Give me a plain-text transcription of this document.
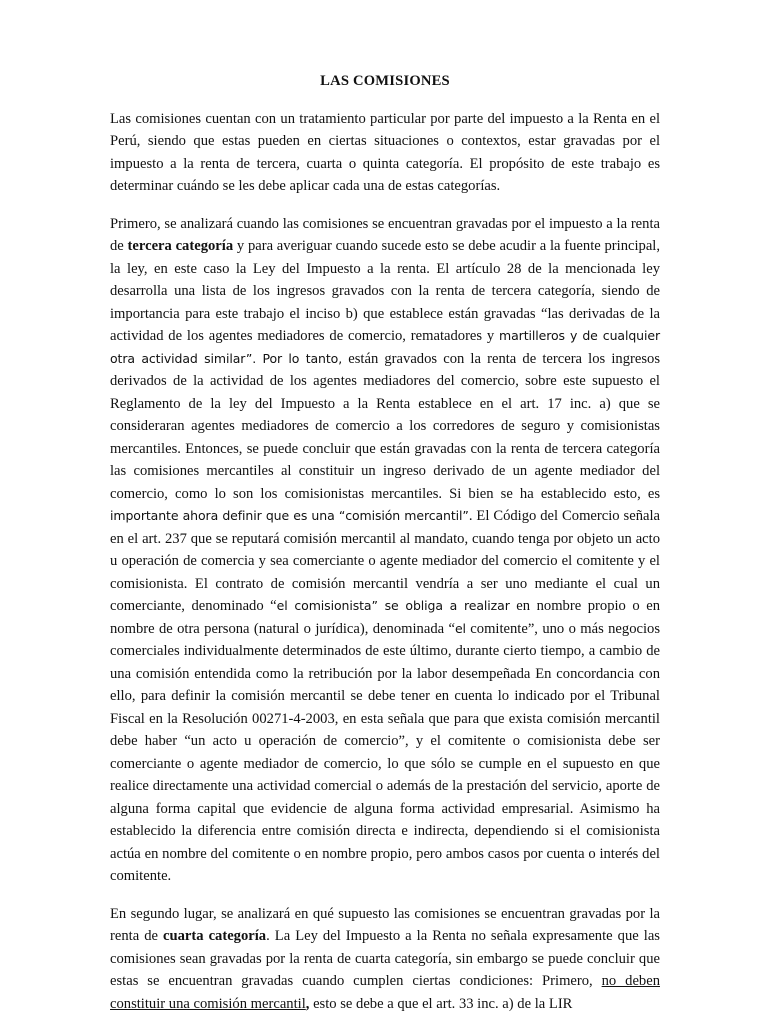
LAS COMISIONES

Las comisiones cuentan con un tratamiento particular por parte del impuesto a la Renta en el Perú, siendo que estas pueden en ciertas situaciones o contextos, estar gravadas por el impuesto a la renta de tercera, cuarta o quinta categoría. El propósito de este trabajo es determinar cuándo se les debe aplicar cada una de estas categorías.

Primero, se analizará cuando las comisiones se encuentran gravadas por el impuesto a la renta de tercera categoría y para averiguar cuando sucede esto se debe acudir a la fuente principal, la ley, en este caso la Ley del Impuesto a la renta. El artículo 28 de la mencionada ley desarrolla una lista de los ingresos gravados con la renta de tercera categoría, siendo de importancia para este trabajo el inciso b) que establece están gravadas “las derivadas de la actividad de los agentes mediadores de comercio, rematadores y martilleros y de cualquier otra actividad similar”. Por lo tanto, están gravados con la renta de tercera los ingresos derivados de la actividad de los agentes mediadores del comercio, sobre este supuesto el Reglamento de la ley del Impuesto a la Renta establece en el art. 17 inc. a) que se consideraran agentes mediadores de comercio a los corredores de seguro y comisionistas mercantiles. Entonces, se puede concluir que están gravadas con la renta de tercera categoría las comisiones mercantiles al constituir un ingreso derivado de un agente mediador del comercio, como lo son los comisionistas mercantiles. Si bien se ha establecido esto, es importante ahora definir que es una “comisión mercantil”. El Código del Comercio señala en el art. 237 que se reputará comisión mercantil al mandato, cuando tenga por objeto un acto u operación de comercia y sea comerciante o agente mediador del comercio el comitente y el comisionista. El contrato de comisión mercantil vendría a ser uno mediante el cual un comerciante, denominado “el comisionista” se obliga a realizar en nombre propio o en nombre de otra persona (natural o jurídica), denominada “el comitente”, uno o más negocios comerciales individualmente determinados de este último, durante cierto tiempo, a cambio de una comisión entendida como la retribución por la labor desempeñada En concordancia con ello, para definir la comisión mercantil se debe tener en cuenta lo indicado por el Tribunal Fiscal en la Resolución 00271-4-2003, en esta señala que para que exista comisión mercantil debe haber “un acto u operación de comercio”, y el comitente o comisionista debe ser comerciante o agente mediador de comercio, lo que sólo se cumple en el supuesto en que realice directamente una actividad comercial o además de la prestación del servicio, aporte de alguna forma capital que evidencie de alguna forma actividad empresarial. Asimismo ha establecido la diferencia entre comisión directa e indirecta, dependiendo si el comisionista actúa en nombre del comitente o en nombre propio, pero ambos casos por cuenta o interés del comitente.

En segundo lugar, se analizará en qué supuesto las comisiones se encuentran gravadas por la renta de cuarta categoría. La Ley del Impuesto a la Renta no señala expresamente que las comisiones sean gravadas por la renta de cuarta categoría, sin embargo se puede concluir que estas se encuentran gravadas cuando cumplen ciertas condiciones: Primero, no deben constituir una comisión mercantil, esto se debe a que el art. 33 inc. a) de la LIR
